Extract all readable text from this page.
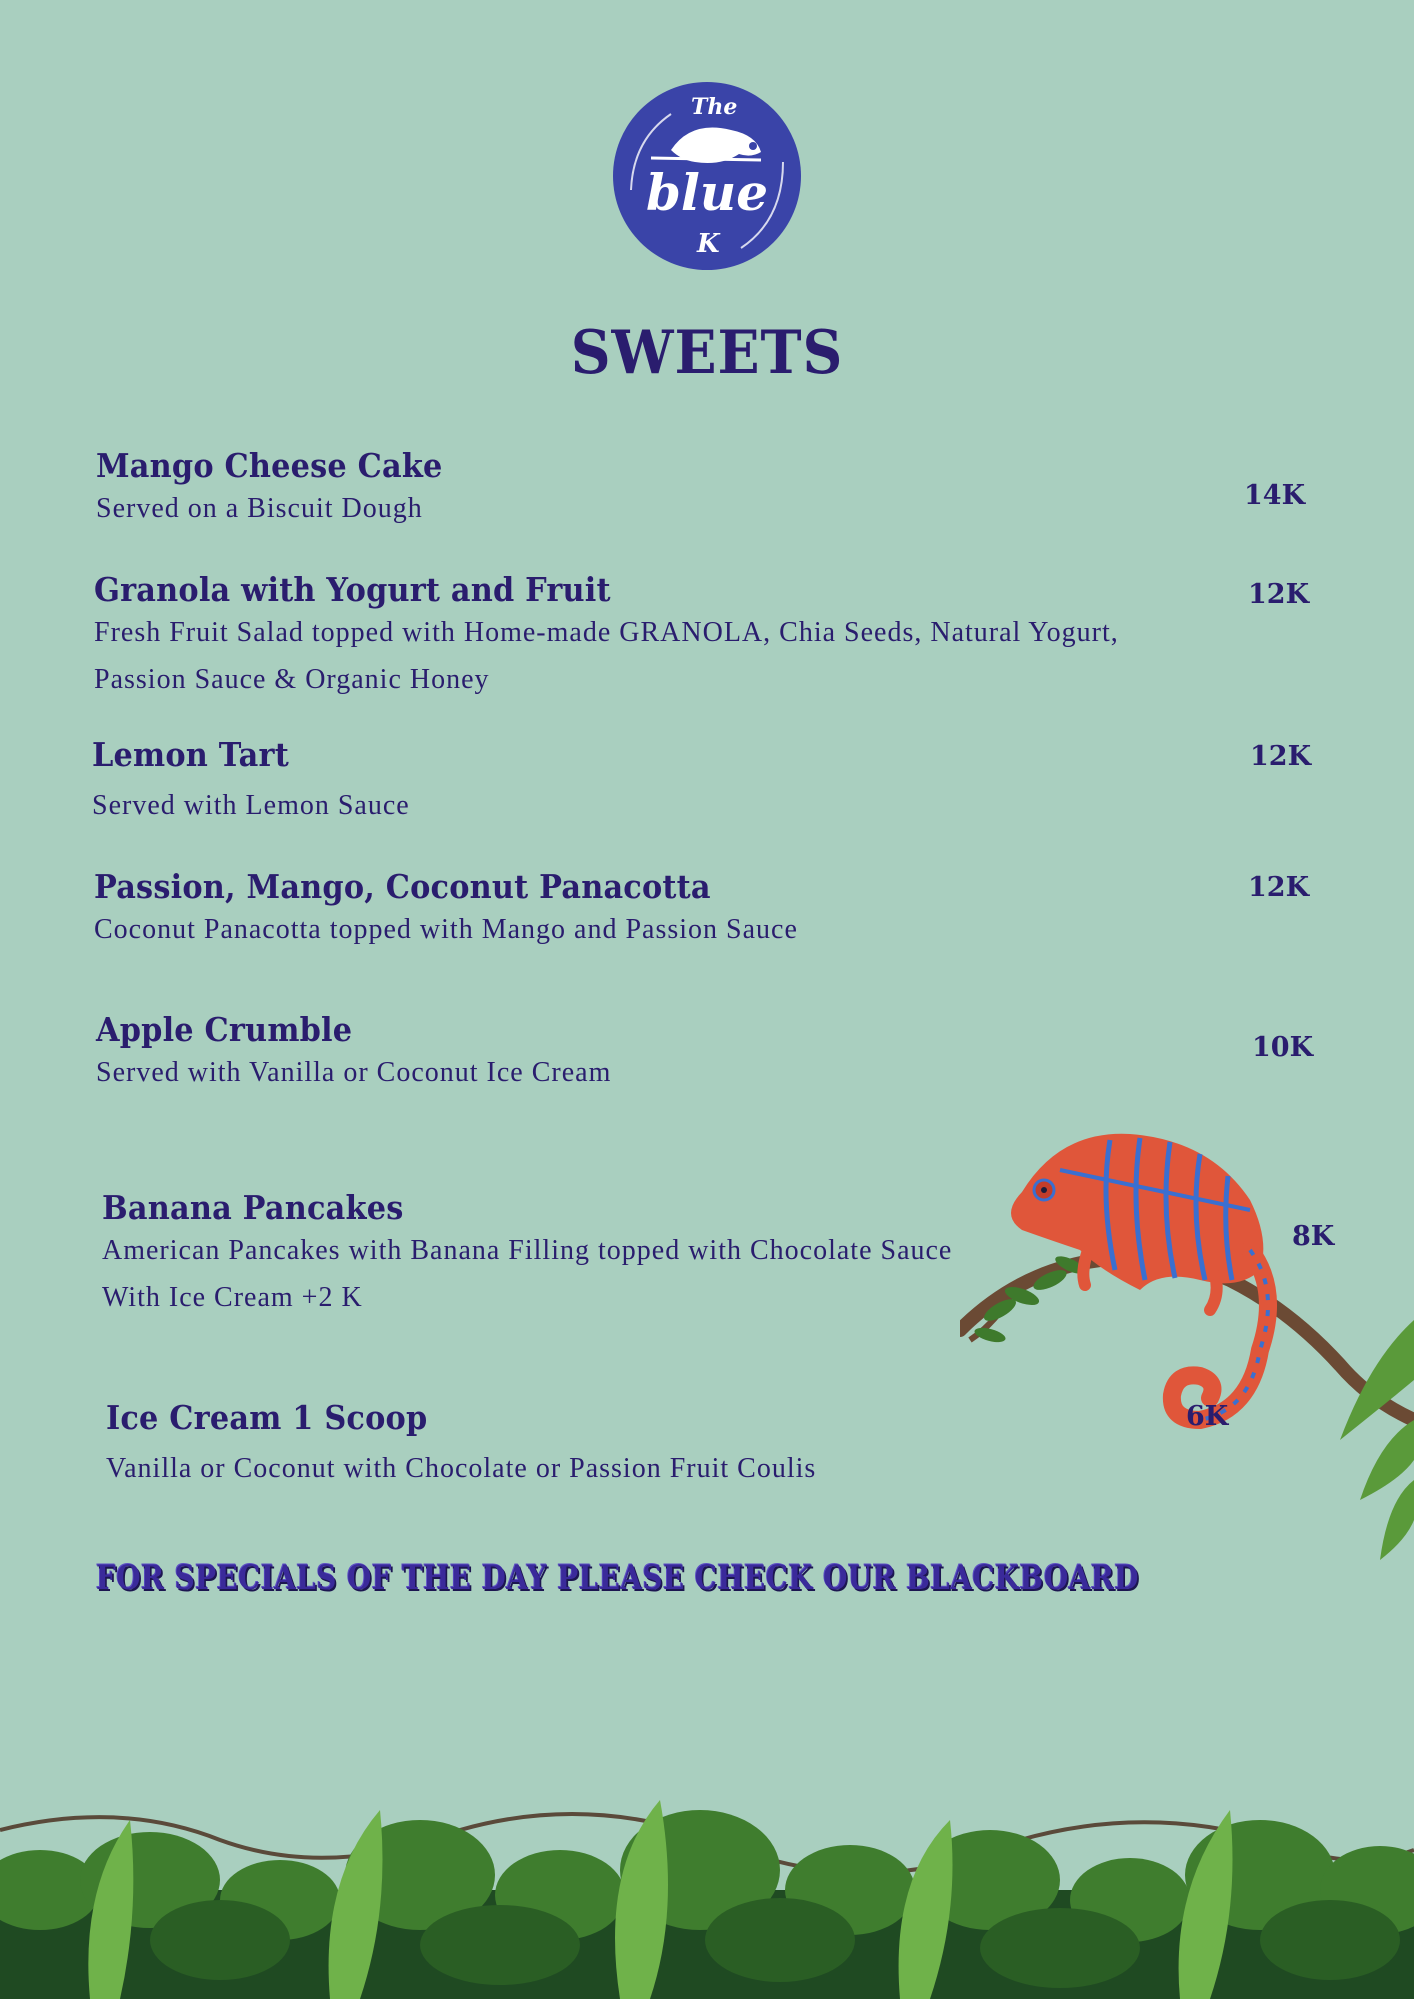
The
blue
K
SWEETS
Mango Cheese Cake
Served on a Biscuit Dough	14K
Granola with Yogurt and Fruit
Fresh Fruit Salad topped with Home-made GRANOLA, Chia Seeds, Natural Yogurt,
Passion Sauce & Organic Honey
12K
Lemon Tart
Served with Lemon Sauce
12K
Passion, Mango, Coconut Panacotta
Coconut Panacotta topped with Mango and Passion Sauce
12K
Apple Crumble
Served with Vanilla or Coconut Ice Cream
10K
Banana Pancakes
American Pancakes with Banana Filling topped with Chocolate Sauce
With Ice Cream +2 K
8K
Ice Cream 1 Scoop
Vanilla or Coconut with Chocolate or Passion Fruit Coulis
6K
FOR SPECIALS OF THE DAY PLEASE CHECK OUR BLACKBOARD
